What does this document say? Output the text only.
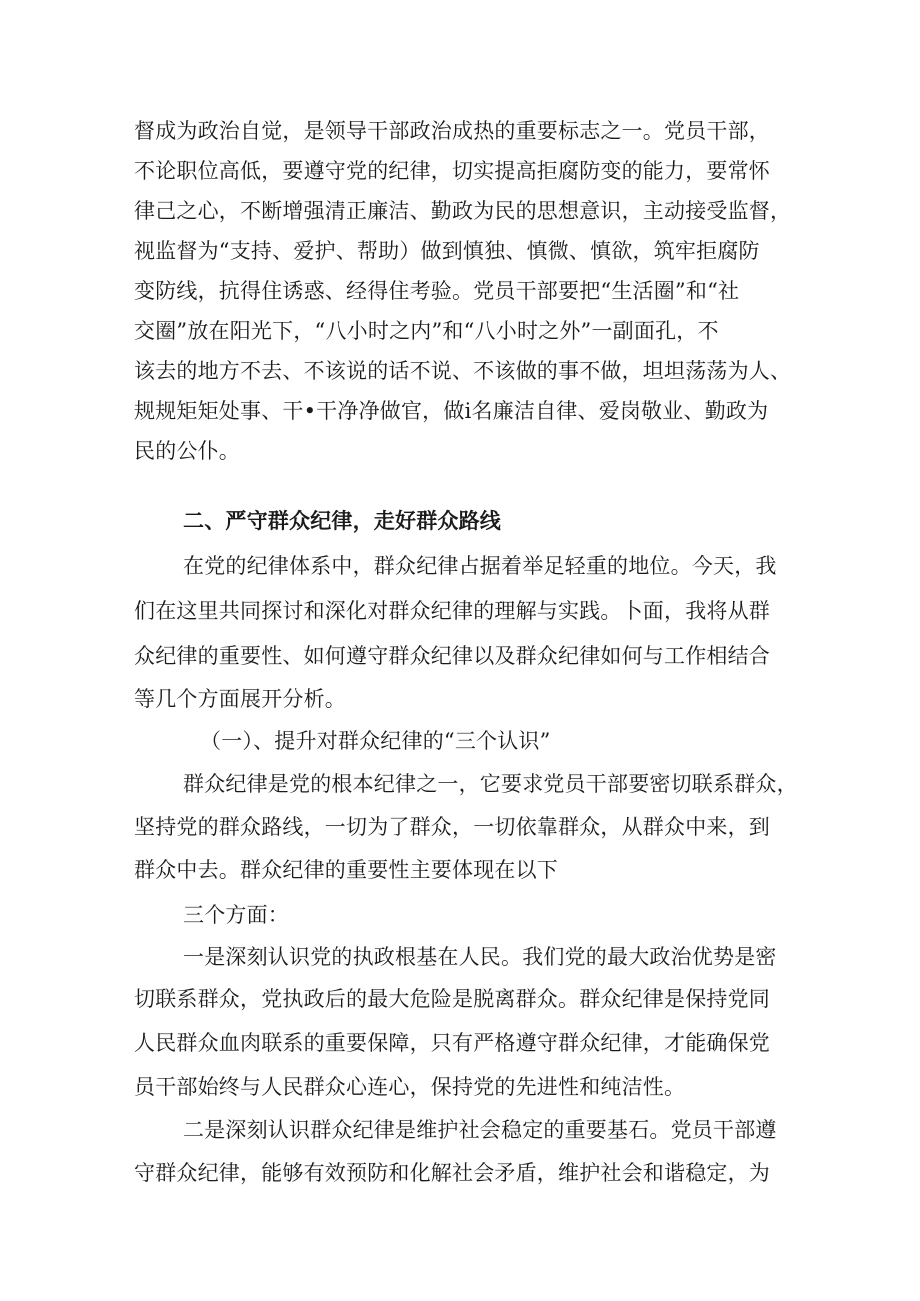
督成为政治自觉，是领导干部政治成热的重要标志之一。党员干部，
不论职位高低，要遵守党的纪律，切实提高拒腐防变的能力，要常怀
律己之心，不断增强清正廉洁、勤政为民的思想意识，主动接受监督，
视监督为“支持、爱护、帮助）做到慎独、慎微、慎欲，筑牢拒腐防
变防线，抗得住诱惑、经得住考验。党员干部要把“生活圈”和“社
交圈”放在阳光下，“八小时之内”和“八小时之外”一副面孔，不
该去的地方不去、不该说的话不说、不该做的事不做，坦坦荡荡为人、
规规矩矩处事、干•干净净做官，做i名廉洁自律、爱岗敬业、勤政为
民的公仆。
二、严守群众纪律，走好群众路线
在党的纪律体系中，群众纪律占据着举足轻重的地位。今天，我
们在这里共同探讨和深化对群众纪律的理解与实践。卜面，我将从群
众纪律的重要性、如何遵守群众纪律以及群众纪律如何与工作相结合
等几个方面展开分析。
（一）、提升对群众纪律的“三个认识”
群众纪律是党的根本纪律之一，它要求党员干部要密切联系群众，
坚持党的群众路线，一切为了群众，一切依靠群众，从群众中来，到
群众中去。群众纪律的重要性主要体现在以下
三个方面：
一是深刻认识党的执政根基在人民。我们党的最大政治优势是密
切联系群众，党执政后的最大危险是脱离群众。群众纪律是保持党同
人民群众血肉联系的重要保障，只有严格遵守群众纪律，才能确保党
员干部始终与人民群众心连心，保持党的先进性和纯洁性。
二是深刻认识群众纪律是维护社会稳定的重要基石。党员干部遵
守群众纪律，能够有效预防和化解社会矛盾，维护社会和谐稳定，为
